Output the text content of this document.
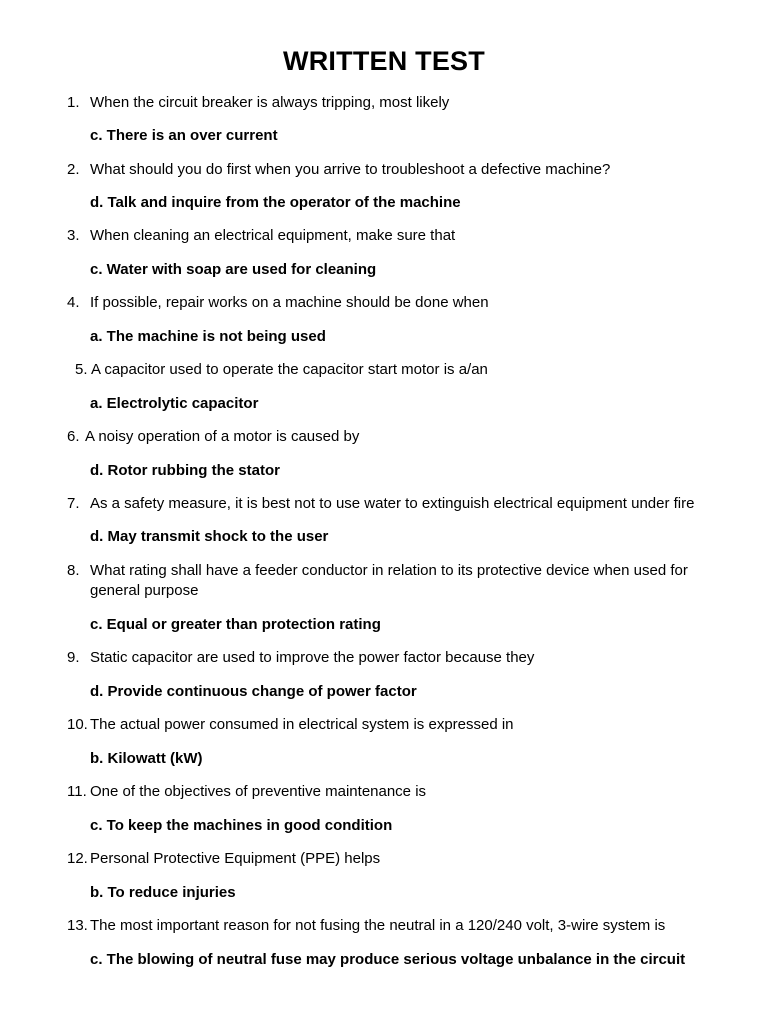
WRITTEN TEST
1. When the circuit breaker is always tripping, most likely
c. There is an over current
2. What should you do first when you arrive to troubleshoot a defective machine?
d. Talk and inquire from the operator of the machine
3. When cleaning an electrical equipment, make sure that
c. Water with soap are used for cleaning
4. If possible, repair works on a machine should be done when
a. The machine is not being used
5. A capacitor used to operate the capacitor start motor is a/an
a. Electrolytic capacitor
6. A noisy operation of a motor is caused by
d. Rotor rubbing the stator
7. As a safety measure, it is best not to use water to extinguish electrical equipment under fire
d. May transmit shock to the user
8. What rating shall have a feeder conductor in relation to its protective device when used for general purpose
c. Equal or greater than protection rating
9. Static capacitor are used to improve the power factor because they
d. Provide continuous change of power factor
10. The actual power consumed in electrical system is expressed in
b. Kilowatt (kW)
11. One of the objectives of preventive maintenance is
c. To keep the machines in good condition
12. Personal Protective Equipment (PPE) helps
b. To reduce injuries
13. The most important reason for not fusing the neutral in a 120/240 volt, 3-wire system is
c. The blowing of neutral fuse may produce serious voltage unbalance in the circuit
